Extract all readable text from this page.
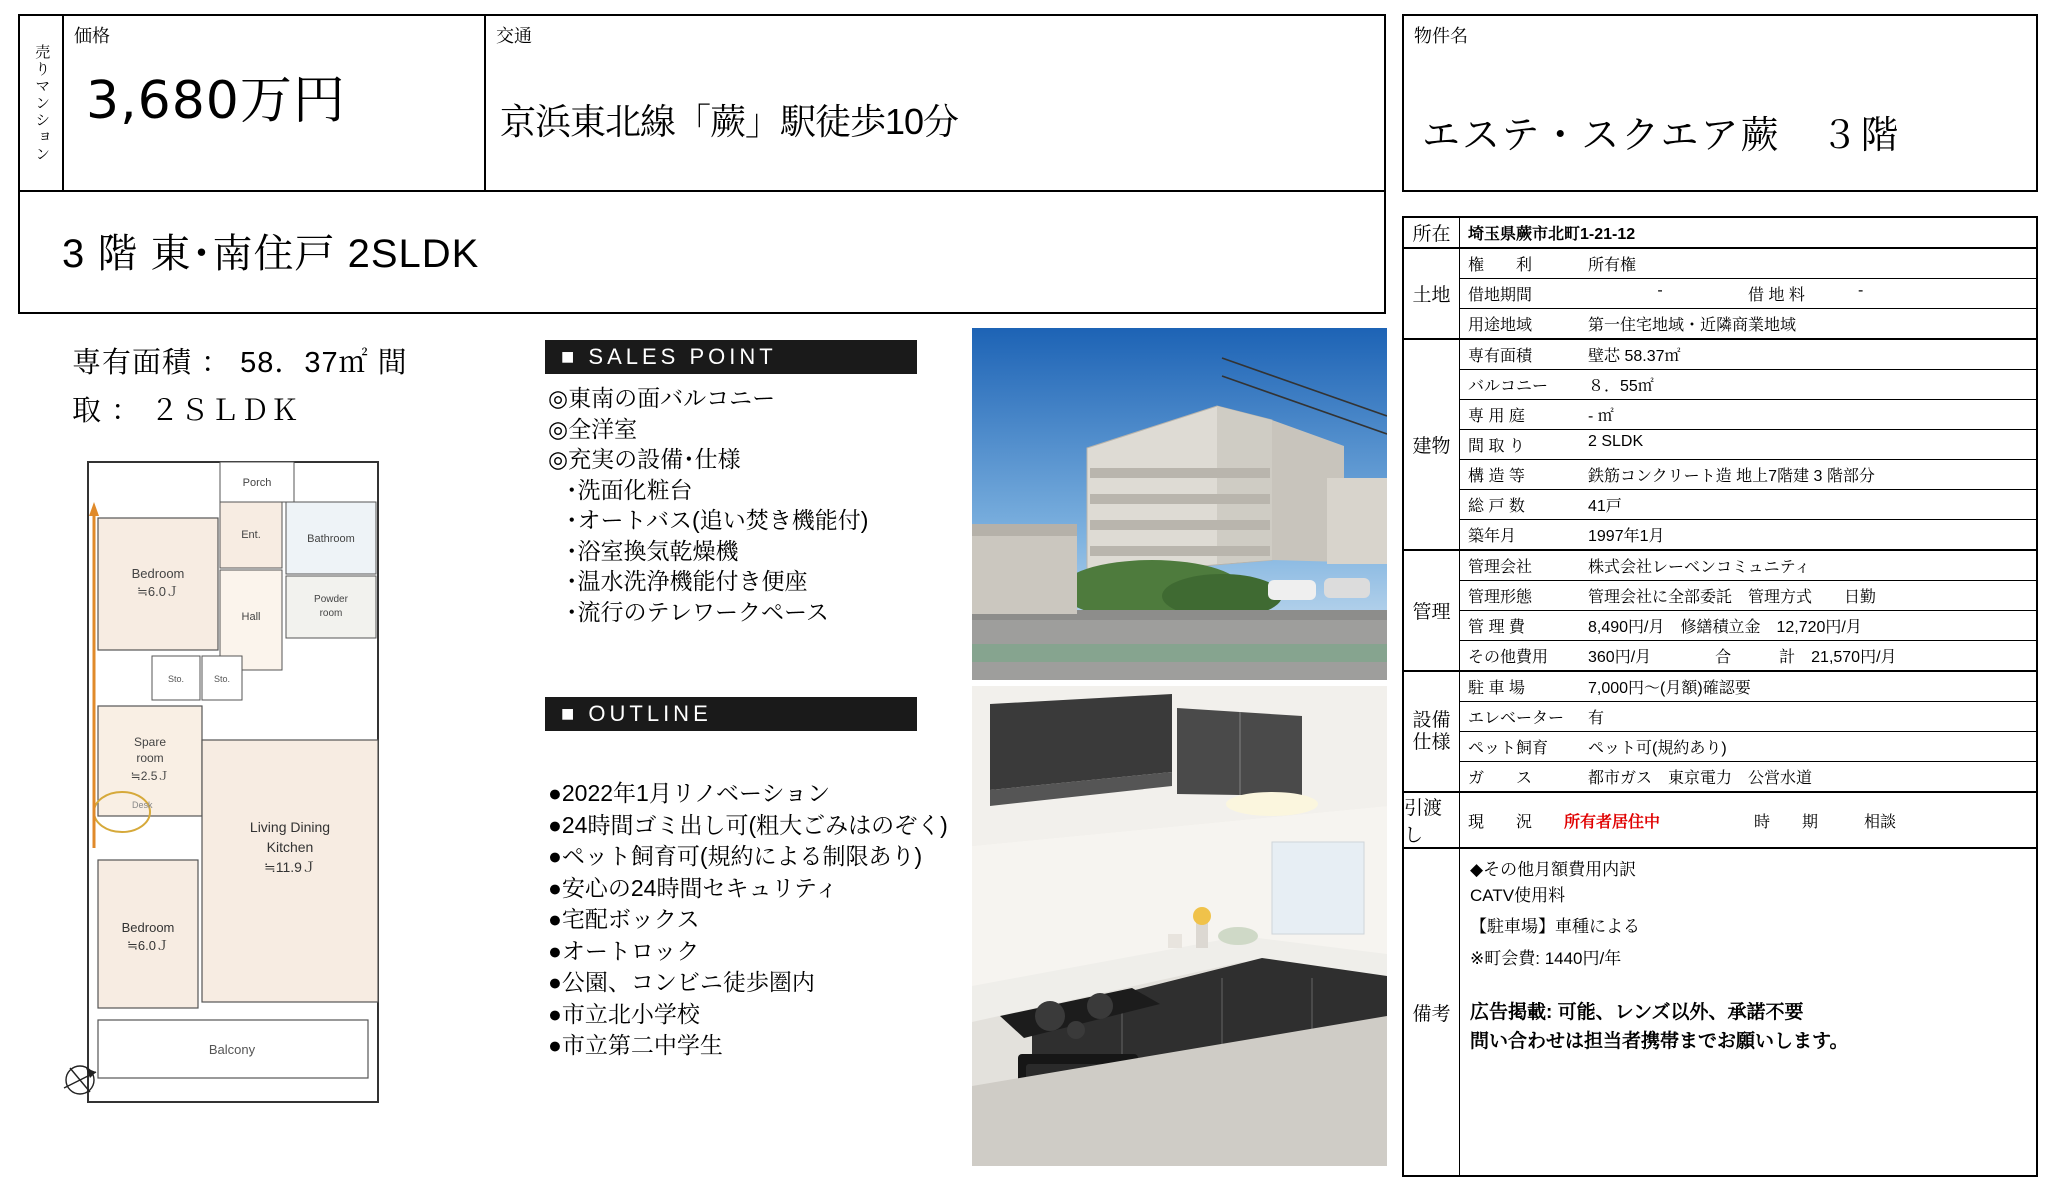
売りマンション
価格
3,680万円
交通
京浜東北線「蕨」駅徒歩10分
物件名
エステ・スクエア蕨　３階
3 階 東･南住戸 2SLDK
専有面積 ： 58．37㎡ 間
取 ： ２ＳＬＤＫ
Bedroom
≒6.0Ｊ
Porch
Bathroom
Ent.
Powder
room
Hall
Sto.	Sto.
Spare
room
≒2.5Ｊ
Desk
Living Dining
Kitchen
≒11.9Ｊ
Bedroom
≒6.0Ｊ
Balcony
■ SALES POINT
◎東南の面バルコニー
◎全洋室
◎充実の設備･仕様
･洗面化粧台
･オートバス(追い焚き機能付)
･浴室換気乾燥機
･温水洗浄機能付き便座
･流行のテレワークペース
■ OUTLINE
●2022年1月リノベーション
●24時間ゴミ出し可(粗大ごみはのぞく)
●ペット飼育可(規約による制限あり)
●安心の24時間セキュリティ
●宅配ボックス
●オートロック
●公園、コンビニ徒歩圏内
●市立北小学校
●市立第二中学生
所在	埼玉県蕨市北町1-21-12
土地
権　　利	所有権
借地期間	-	借 地 料	-
用途地域	第一住宅地域・近隣商業地域
建物
専有面積	壁芯 58.37㎡
バルコニー	８．55㎡
専 用 庭	- ㎡
間 取 り	2 SLDK
構 造 等	鉄筋コンクリート造 地上7階建 3 階部分
総 戸 数	41戸
築年月	1997年1月
管理
管理会社	株式会社レーベンコミュニティ
管理形態	管理会社に全部委託　管理方式　　日勤
管 理 費	8,490円/月　修繕積立金　12,720円/月
その他費用	360円/月　　　　合　　　計　21,570円/月
設備仕様
駐 車 場	7,000円～(月額)確認要
エレベーター	有
ペット飼育	ペット可(規約あり)
ガ　　ス	都市ガス　東京電力　公営水道
引渡し
現　　況	所有者居住中	時　　期	相談
備考
◆その他月額費用内訳
CATV使用料

【駐車場】車種による

※町会費: 1440円/年

広告掲載: 可能、レンズ以外、承諾不要
問い合わせは担当者携帯までお願いします。
